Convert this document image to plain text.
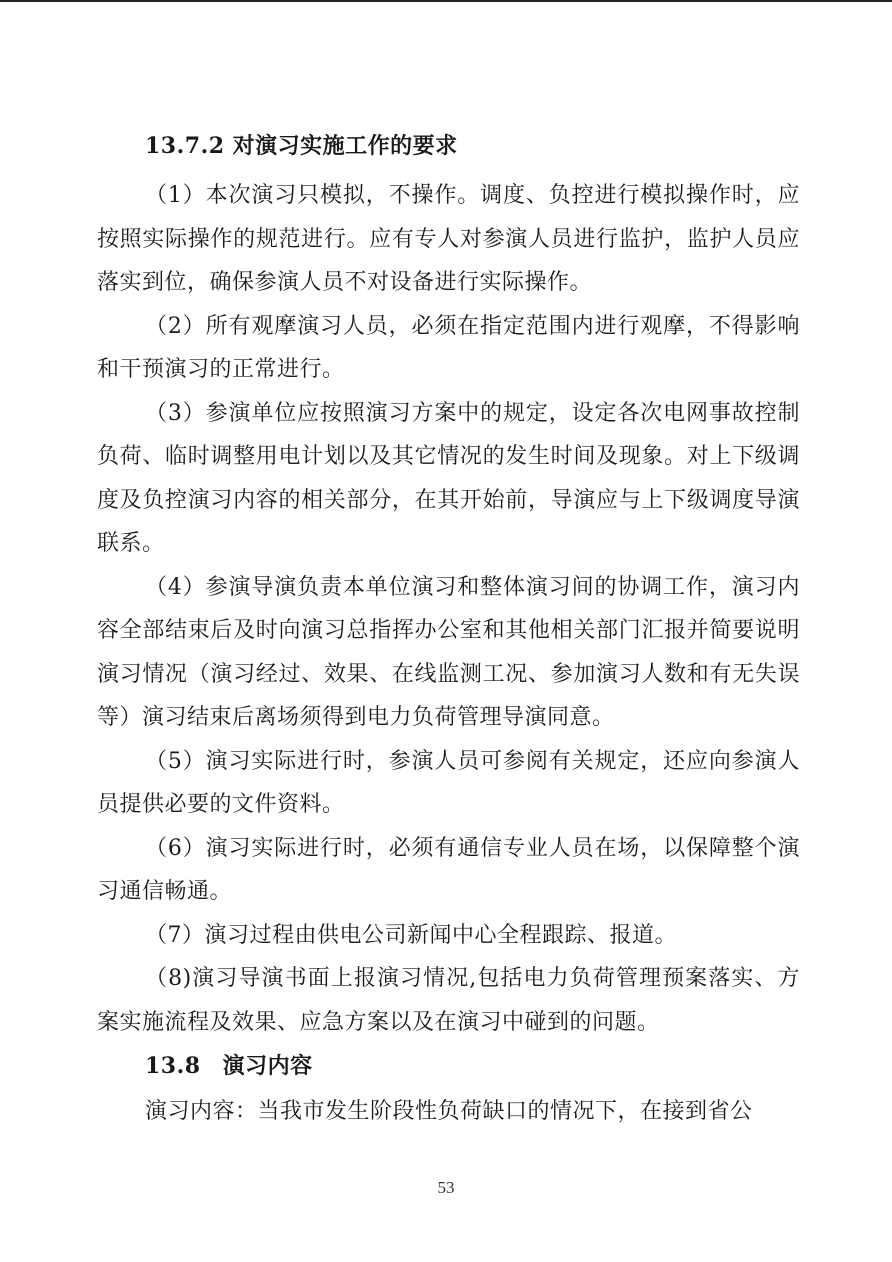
13.7.2 对演习实施工作的要求

（1）本次演习只模拟，不操作。调度、负控进行模拟操作时，应按照实际操作的规范进行。应有专人对参演人员进行监护，监护人员应落实到位，确保参演人员不对设备进行实际操作。

（2）所有观摩演习人员，必须在指定范围内进行观摩，不得影响和干预演习的正常进行。

（3）参演单位应按照演习方案中的规定，设定各次电网事故控制负荷、临时调整用电计划以及其它情况的发生时间及现象。对上下级调度及负控演习内容的相关部分，在其开始前，导演应与上下级调度导演联系。

（4）参演导演负责本单位演习和整体演习间的协调工作，演习内容全部结束后及时向演习总指挥办公室和其他相关部门汇报并简要说明演习情况（演习经过、效果、在线监测工况、参加演习人数和有无失误等）演习结束后离场须得到电力负荷管理导演同意。

（5）演习实际进行时，参演人员可参阅有关规定，还应向参演人员提供必要的文件资料。

（6）演习实际进行时，必须有通信专业人员在场，以保障整个演习通信畅通。

（7）演习过程由供电公司新闻中心全程跟踪、报道。

（8)演习导演书面上报演习情况,包括电力负荷管理预案落实、方案实施流程及效果、应急方案以及在演习中碰到的问题。

13.8 演习内容

演习内容：当我市发生阶段性负荷缺口的情况下，在接到省公

53
